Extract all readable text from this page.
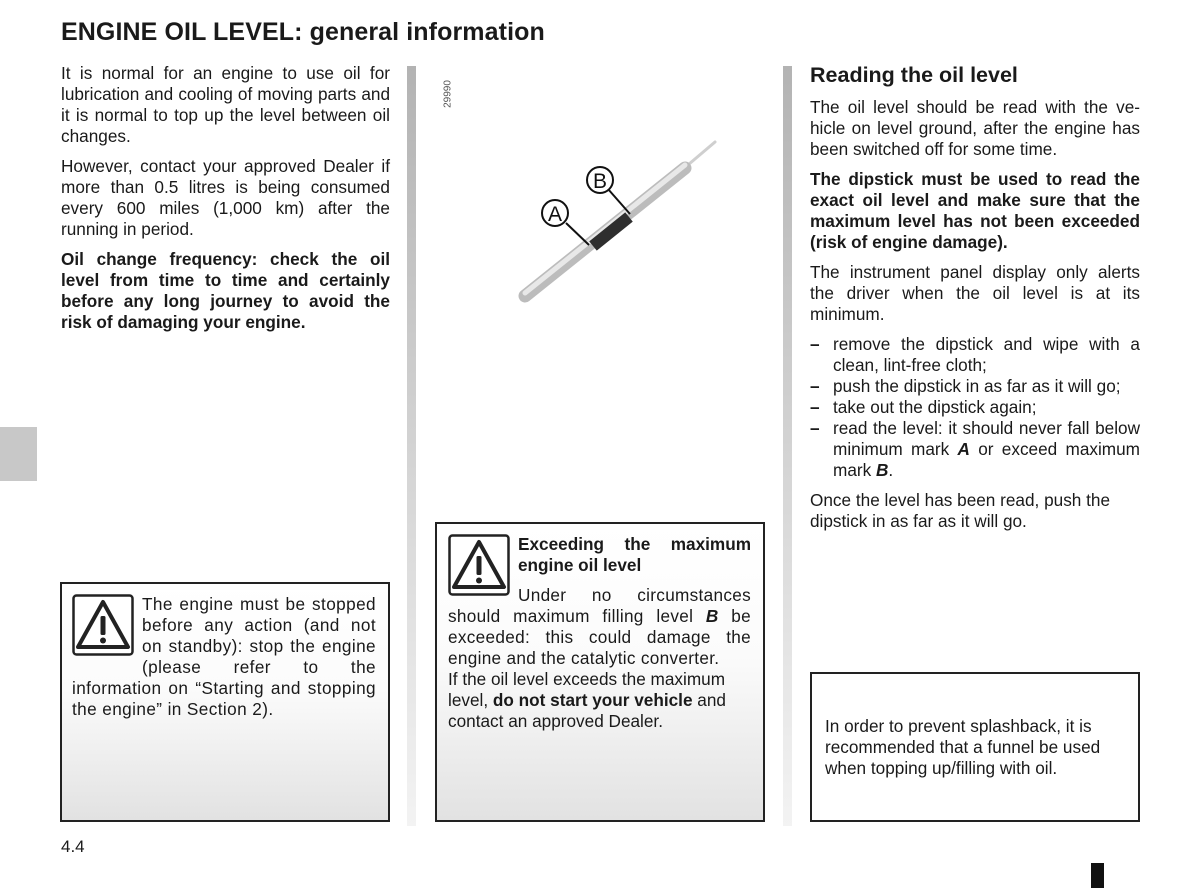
ENGINE OIL LEVEL: general information

It is normal for an engine to use oil for lubrication and cooling of moving parts and it is normal to top up the level between oil changes.

However, contact your approved Dealer if more than 0.5 litres is being consumed every 600 miles (1,000 km) after the running in period.

Oil change frequency: check the oil level from time to time and certainly before any long journey to avoid the risk of damaging your engine.

The engine must be stopped before any action (and not on standby): stop the engine (please refer to the information on “Starting and stopping the engine” in Section 2).

29990
A
B

Exceeding the maximum engine oil level

Under no circumstances should maximum filling level B be exceeded: this could damage the engine and the catalytic converter.

If the oil level exceeds the maximum level, do not start your vehicle and contact an approved Dealer.

Reading the oil level

The oil level should be read with the vehicle on level ground, after the engine has been switched off for some time.

The dipstick must be used to read the exact oil level and make sure that the maximum level has not been exceeded (risk of engine damage).

The instrument panel display only alerts the driver when the oil level is at its minimum.

– remove the dipstick and wipe with a clean, lint-free cloth;
– push the dipstick in as far as it will go;
– take out the dipstick again;
– read the level: it should never fall below minimum mark A or exceed maximum mark B.

Once the level has been read, push the dipstick in as far as it will go.

In order to prevent splashback, it is recommended that a funnel be used when topping up/filling with oil.

4.4
